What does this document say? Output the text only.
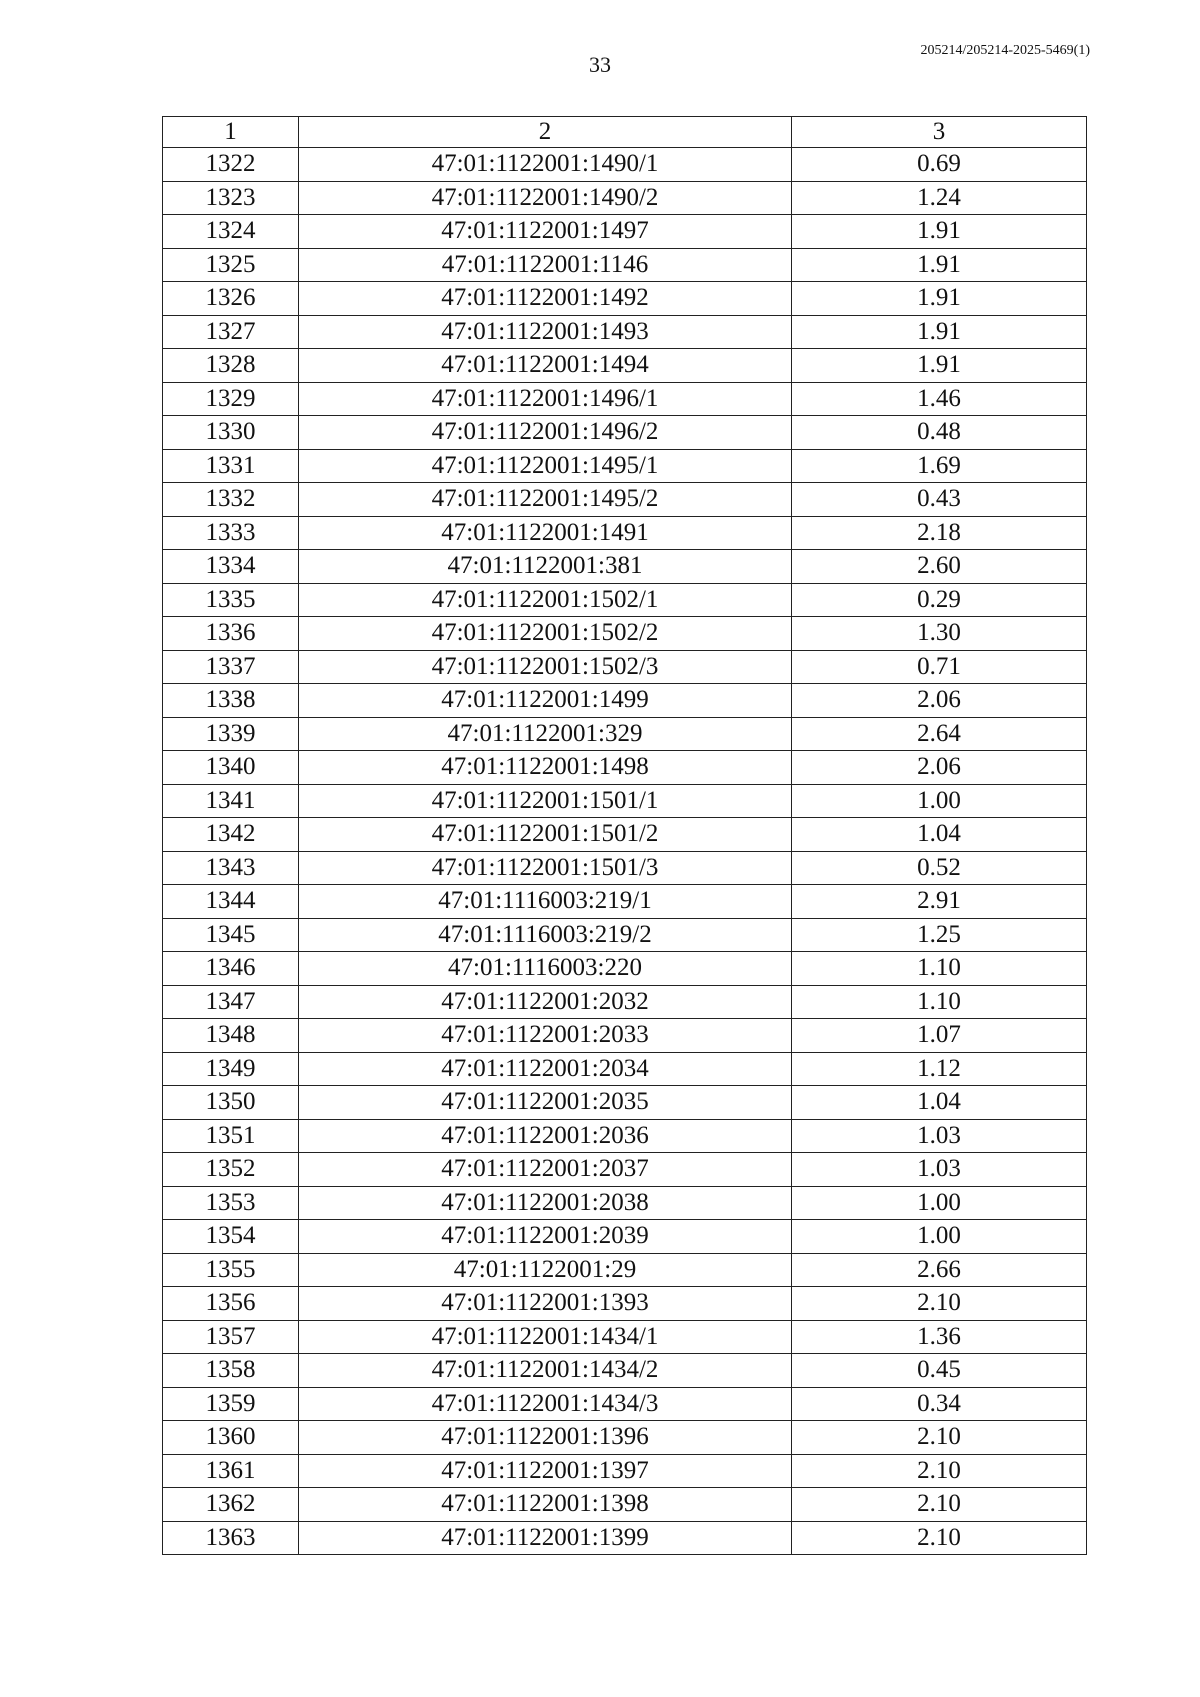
33
205214/205214-2025-5469(1)
1	2	3
1322	47:01:1122001:1490/1	0.69
1323	47:01:1122001:1490/2	1.24
1324	47:01:1122001:1497	1.91
1325	47:01:1122001:1146	1.91
1326	47:01:1122001:1492	1.91
1327	47:01:1122001:1493	1.91
1328	47:01:1122001:1494	1.91
1329	47:01:1122001:1496/1	1.46
1330	47:01:1122001:1496/2	0.48
1331	47:01:1122001:1495/1	1.69
1332	47:01:1122001:1495/2	0.43
1333	47:01:1122001:1491	2.18
1334	47:01:1122001:381	2.60
1335	47:01:1122001:1502/1	0.29
1336	47:01:1122001:1502/2	1.30
1337	47:01:1122001:1502/3	0.71
1338	47:01:1122001:1499	2.06
1339	47:01:1122001:329	2.64
1340	47:01:1122001:1498	2.06
1341	47:01:1122001:1501/1	1.00
1342	47:01:1122001:1501/2	1.04
1343	47:01:1122001:1501/3	0.52
1344	47:01:1116003:219/1	2.91
1345	47:01:1116003:219/2	1.25
1346	47:01:1116003:220	1.10
1347	47:01:1122001:2032	1.10
1348	47:01:1122001:2033	1.07
1349	47:01:1122001:2034	1.12
1350	47:01:1122001:2035	1.04
1351	47:01:1122001:2036	1.03
1352	47:01:1122001:2037	1.03
1353	47:01:1122001:2038	1.00
1354	47:01:1122001:2039	1.00
1355	47:01:1122001:29	2.66
1356	47:01:1122001:1393	2.10
1357	47:01:1122001:1434/1	1.36
1358	47:01:1122001:1434/2	0.45
1359	47:01:1122001:1434/3	0.34
1360	47:01:1122001:1396	2.10
1361	47:01:1122001:1397	2.10
1362	47:01:1122001:1398	2.10
1363	47:01:1122001:1399	2.10
